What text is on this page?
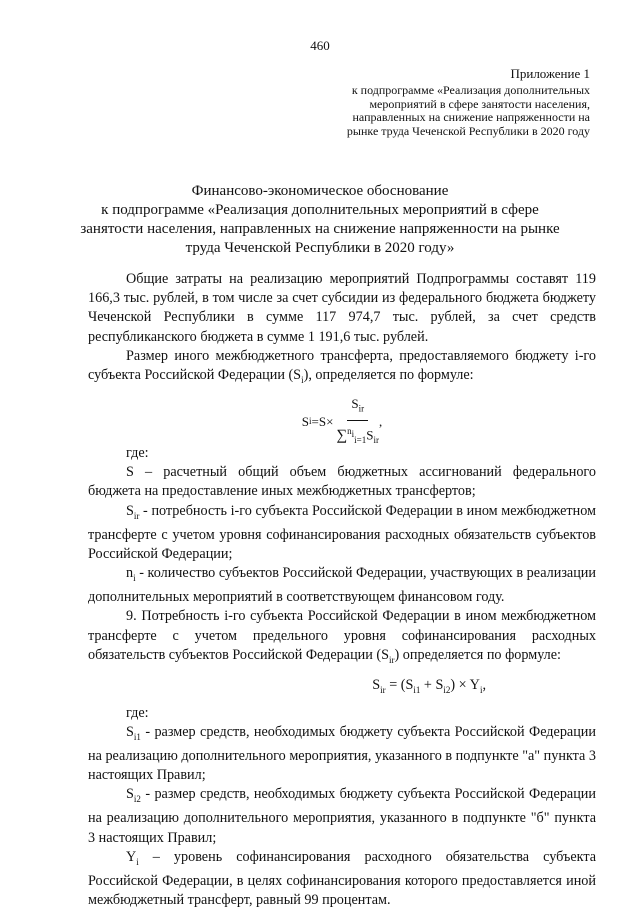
460
Приложение 1
к подпрограмме «Реализация дополнительных мероприятий в сфере занятости населения, направленных на снижение напряженности на рынке труда Чеченской Республики в 2020 году
Финансово-экономическое обоснование
к подпрограмме «Реализация дополнительных мероприятий в сфере занятости населения, направленных на снижение напряженности на рынке труда Чеченской Республики в 2020 году»

Общие затраты на реализацию мероприятий Подпрограммы составят 119 166,3 тыс. рублей, в том числе за счет субсидии из федерального бюджета бюджету Чеченской Республики в сумме 117 974,7 тыс. рублей, за счет средств республиканского бюджета в сумме 1 191,6 тыс. рублей.

Размер иного межбюджетного трансферта, предоставляемого бюджету i-го субъекта Российской Федерации $(S_i)$, определяется по формуле:

S $i =S\times \frac{S_{ir}}{\sum^{n_i}_{i=1}S_{ir}}$ ,

где:

S – расчетный общий объем бюджетных ассигнований федерального бюджета на предоставление иных межбюджетных трансфертов;

$S_{ir}$ - потребность i-го субъекта Российской Федерации в ином межбюджетном трансферте с учетом уровня софинансирования расходных обязательств субъектов Российской Федерации;

$n_i$ - количество субъектов Российской Федерации, участвующих в реализации дополнительных мероприятий в соответствующем финансовом году.

9. Потребность i-го субъекта Российской Федерации в ином межбюджетном трансферте с учетом предельного уровня софинансирования расходных обязательств субъектов Российской Федерации $(S_{ir})$ определяется по формуле:

$S_{ir} = (S_{i1} + S_{i2}) \times Y_i$,

где:

$S_{i1}$ - размер средств, необходимых бюджету субъекта Российской Федерации на реализацию дополнительного мероприятия, указанного в подпункте "а" пункта 3 настоящих Правил;

$S_{i2}$ - размер средств, необходимых бюджету субъекта Российской Федерации на реализацию дополнительного мероприятия, указанного в подпункте "б" пункта 3 настоящих Правил;

$Y_i$ – уровень софинансирования расходного обязательства субъекта Российской Федерации, в целях софинансирования которого предоставляется иной межбюджетный трансферт, равный 99 процентам.
